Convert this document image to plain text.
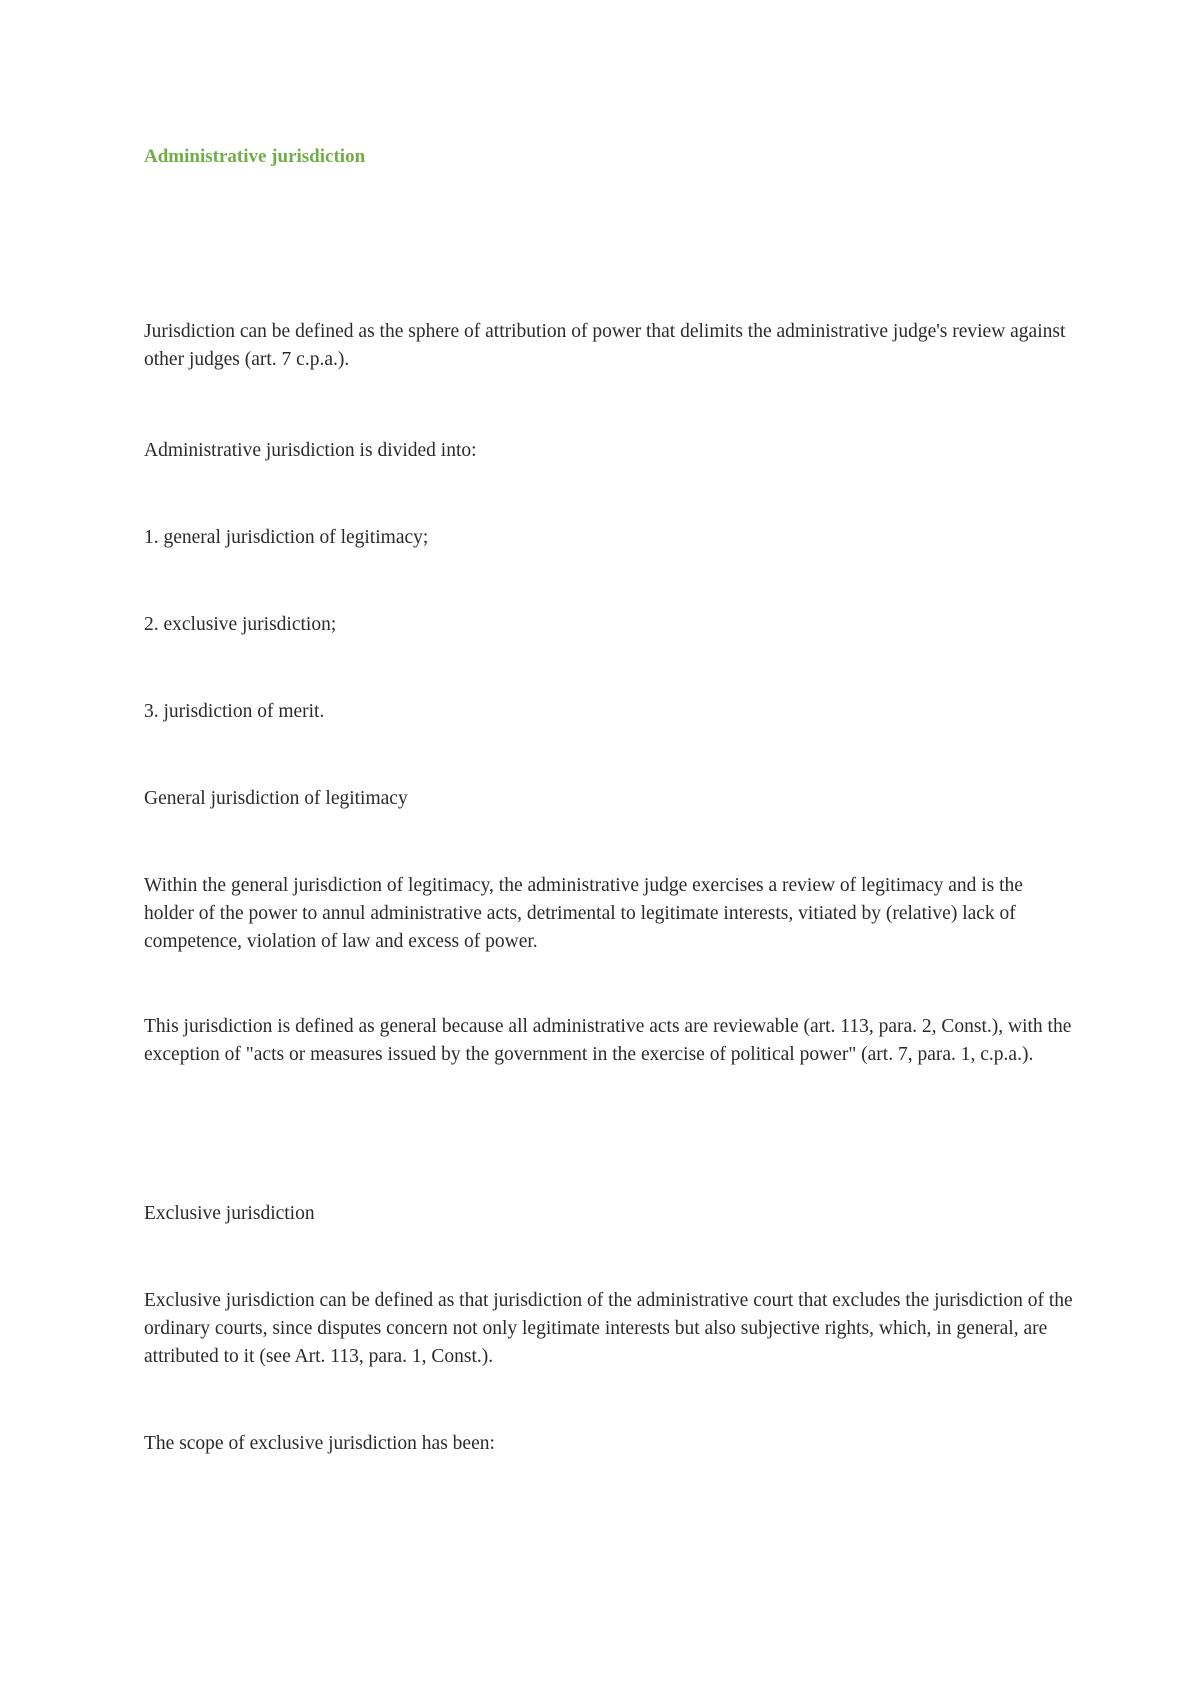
Administrative jurisdiction

Jurisdiction can be defined as the sphere of attribution of power that delimits the administrative judge's review against other judges (art. 7 c.p.a.).

Administrative jurisdiction is divided into:

1. general jurisdiction of legitimacy;

2. exclusive jurisdiction;

3. jurisdiction of merit.

General jurisdiction of legitimacy

Within the general jurisdiction of legitimacy, the administrative judge exercises a review of legitimacy and is the holder of the power to annul administrative acts, detrimental to legitimate interests, vitiated by (relative) lack of competence, violation of law and excess of power.

This jurisdiction is defined as general because all administrative acts are reviewable (art. 113, para. 2, Const.), with the exception of "acts or measures issued by the government in the exercise of political power" (art. 7, para. 1, c.p.a.).

Exclusive jurisdiction

Exclusive jurisdiction can be defined as that jurisdiction of the administrative court that excludes the jurisdiction of the ordinary courts, since disputes concern not only legitimate interests but also subjective rights, which, in general, are attributed to it (see Art. 113, para. 1, Const.).

The scope of exclusive jurisdiction has been:
